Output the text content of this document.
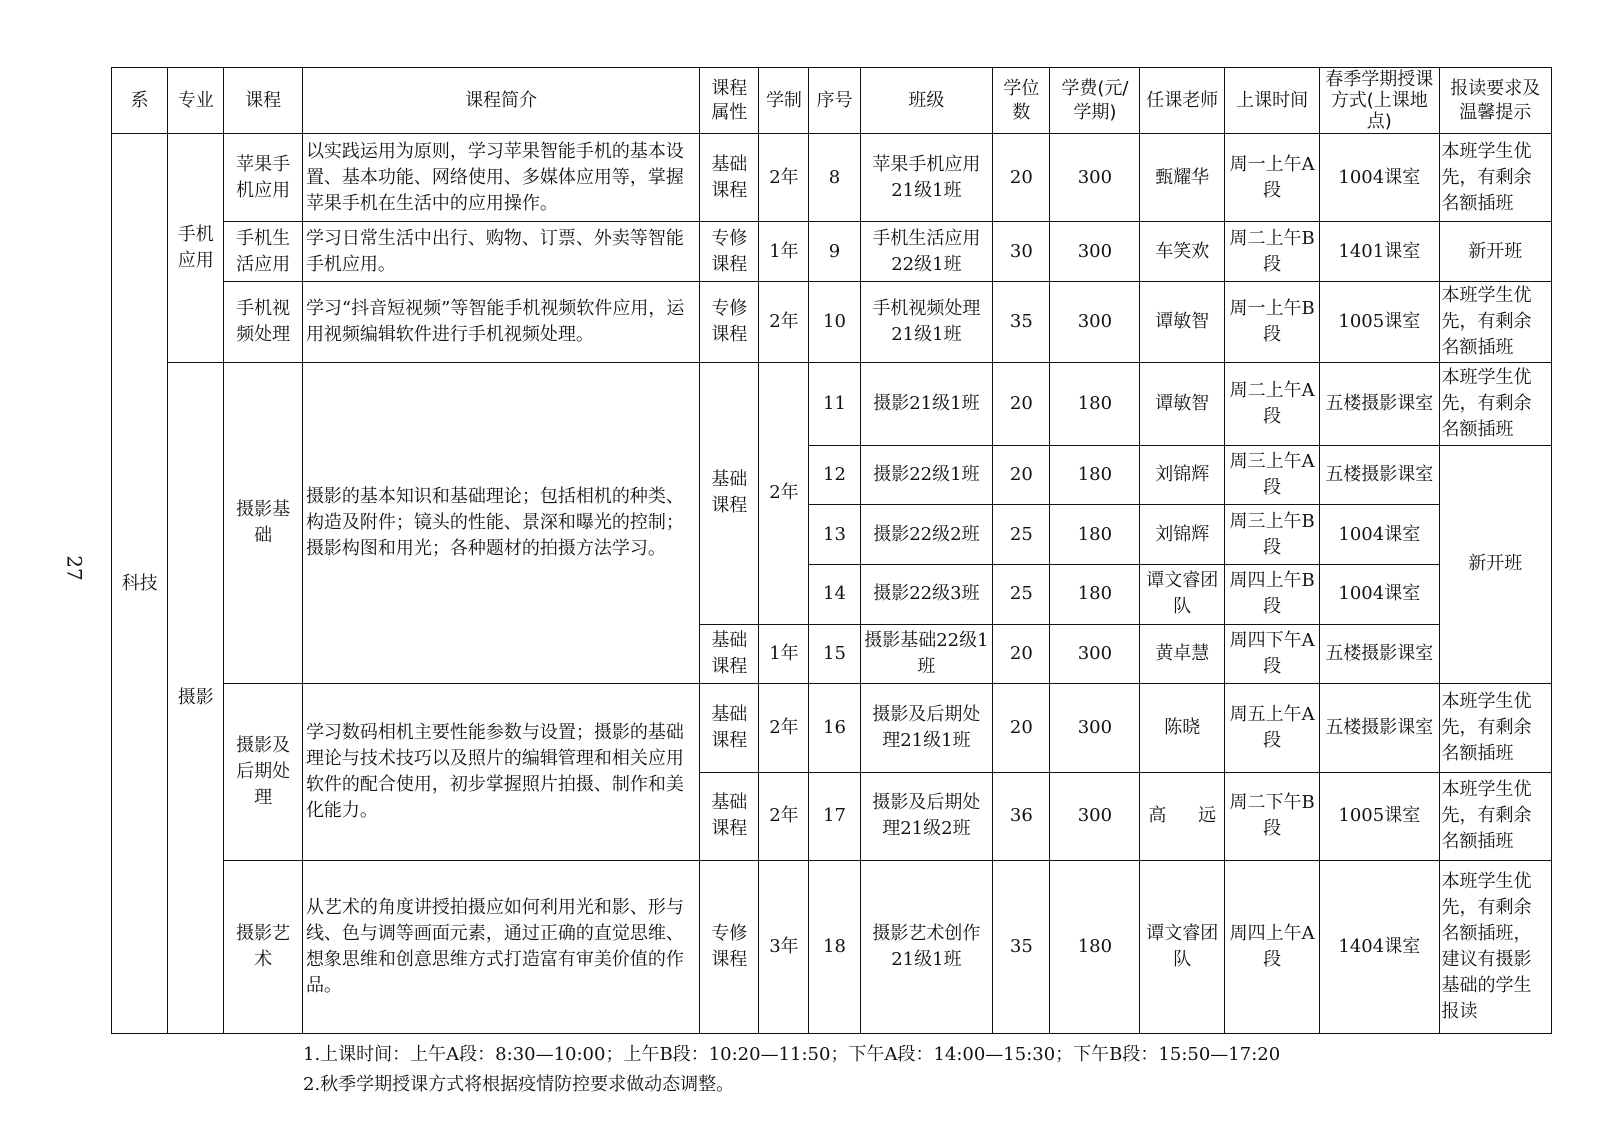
27
系	专业	课程	课程简介	课程属性	学制	序号	班级	学位数	学费(元/学期)	任课老师	上课时间	春季学期授课方式(上课地点)	报读要求及温馨提示
科技	手机应用	苹果手机应用	以实践运用为原则，学习苹果智能手机的基本设置、基本功能、网络使用、多媒体应用等，掌握苹果手机在生活中的应用操作。	基础课程	2年	8	苹果手机应用21级1班	20	300	甄耀华	周一上午A段	1004课室	本班学生优先，有剩余名额插班
		手机生活应用	学习日常生活中出行、购物、订票、外卖等智能手机应用。	专修课程	1年	9	手机生活应用22级1班	30	300	车笑欢	周二上午B段	1401课室	新开班
		手机视频处理	学习“抖音短视频”等智能手机视频软件应用，运用视频编辑软件进行手机视频处理。	专修课程	2年	10	手机视频处理21级1班	35	300	谭敏智	周一上午B段	1005课室	本班学生优先，有剩余名额插班
	摄影	摄影基础	摄影的基本知识和基础理论；包括相机的种类、构造及附件；镜头的性能、景深和曝光的控制；摄影构图和用光；各种题材的拍摄方法学习。	基础课程	2年	11	摄影21级1班	20	180	谭敏智	周二上午A段	五楼摄影课室	本班学生优先，有剩余名额插班
						12	摄影22级1班	20	180	刘锦辉	周三上午A段	五楼摄影课室	新开班
						13	摄影22级2班	25	180	刘锦辉	周三上午B段	1004课室	
						14	摄影22级3班	25	180	谭文睿团队	周四上午B段	1004课室	
				基础课程	1年	15	摄影基础22级1班	20	300	黄卓慧	周四下午A段	五楼摄影课室	
		摄影及后期处理	学习数码相机主要性能参数与设置；摄影的基础理论与技术技巧以及照片的编辑管理和相关应用软件的配合使用，初步掌握照片拍摄、制作和美化能力。	基础课程	2年	16	摄影及后期处理21级1班	20	300	陈晓	周五上午A段	五楼摄影课室	本班学生优先，有剩余名额插班
				基础课程	2年	17	摄影及后期处理21级2班	36	300	高　远	周二下午B段	1005课室	本班学生优先，有剩余名额插班
		摄影艺术	从艺术的角度讲授拍摄应如何利用光和影、形与线、色与调等画面元素，通过正确的直觉思维、想象思维和创意思维方式打造富有审美价值的作品。	专修课程	3年	18	摄影艺术创作21级1班	35	180	谭文睿团队	周四上午A段	1404课室	本班学生优先，有剩余名额插班，建议有摄影基础的学生报读
1.上课时间：上午A段：8:30—10:00；上午B段：10:20—11:50；下午A段：14:00—15:30；下午B段：15:50—17:20
2.秋季学期授课方式将根据疫情防控要求做动态调整。
